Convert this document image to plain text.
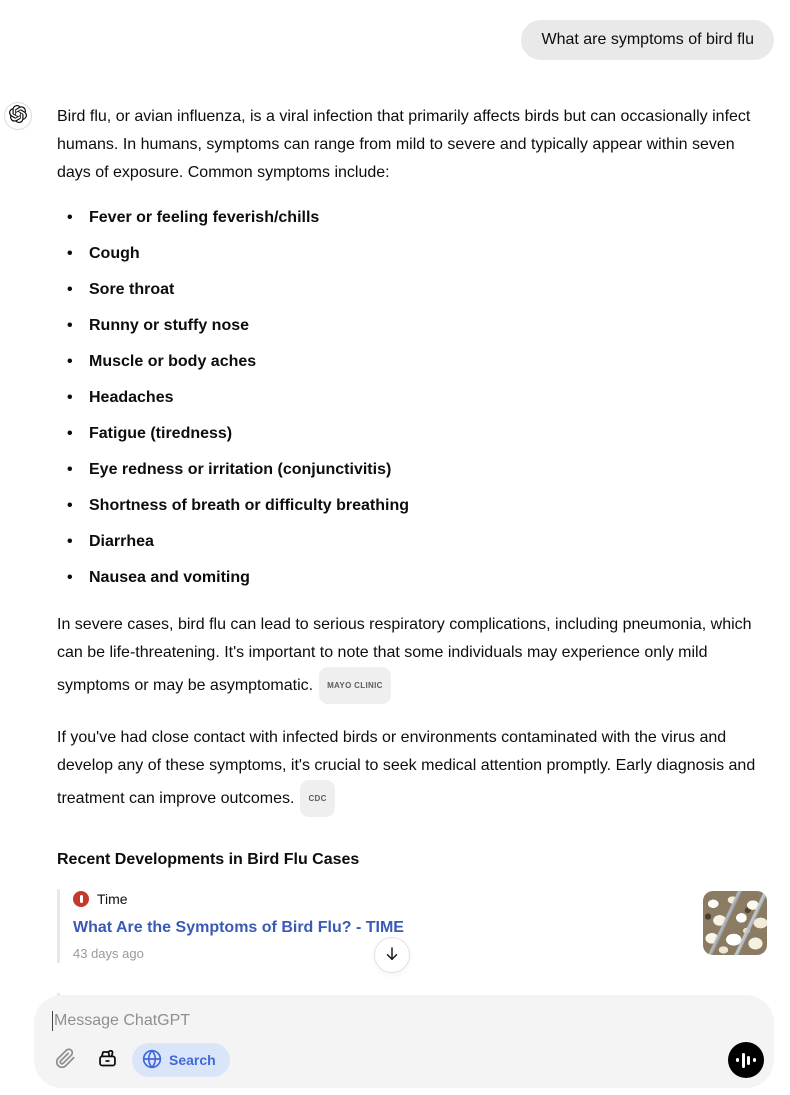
What are symptoms of bird flu

Bird flu, or avian influenza, is a viral infection that primarily affects birds but can occasionally infect humans. In humans, symptoms can range from mild to severe and typically appear within seven days of exposure. Common symptoms include:

• Fever or feeling feverish/chills
• Cough
• Sore throat
• Runny or stuffy nose
• Muscle or body aches
• Headaches
• Fatigue (tiredness)
• Eye redness or irritation (conjunctivitis)
• Shortness of breath or difficulty breathing
• Diarrhea
• Nausea and vomiting

In severe cases, bird flu can lead to serious respiratory complications, including pneumonia, which can be life-threatening. It's important to note that some individuals may experience only mild symptoms or may be asymptomatic. MAYO CLINIC

If you've had close contact with infected birds or environments contaminated with the virus and develop any of these symptoms, it's crucial to seek medical attention promptly. Early diagnosis and treatment can improve outcomes. CDC

Recent Developments in Bird Flu Cases
Time
What Are the Symptoms of Bird Flu? - TIME
43 days ago
Message ChatGPT
Search
